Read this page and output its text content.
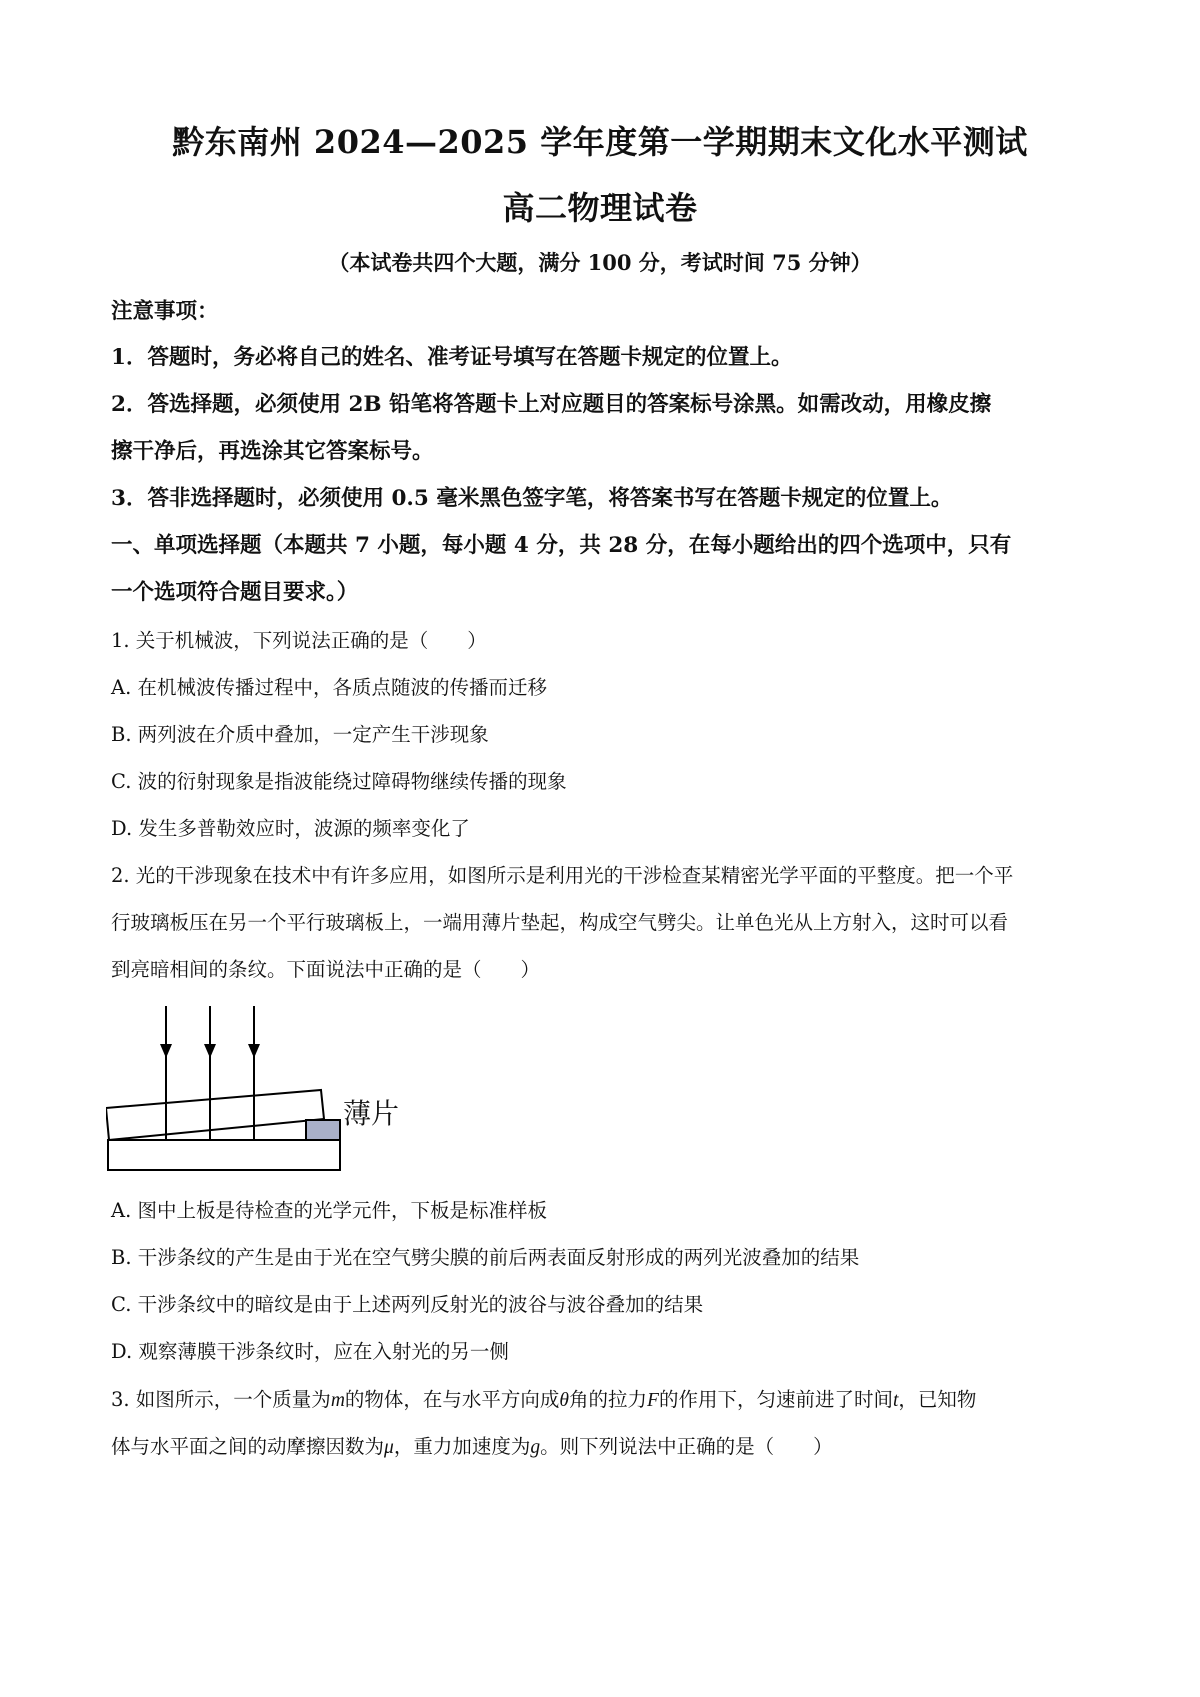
黔东南州 2024—2025 学年度第一学期期末文化水平测试
高二物理试卷
（本试卷共四个大题，满分 100 分，考试时间 75 分钟）
注意事项：
1．答题时，务必将自己的姓名、准考证号填写在答题卡规定的位置上。
2．答选择题，必须使用 2B 铅笔将答题卡上对应题目的答案标号涂黑。如需改动，用橡皮擦
擦干净后，再选涂其它答案标号。
3．答非选择题时，必须使用 0.5 毫米黑色签字笔，将答案书写在答题卡规定的位置上。
一、单项选择题（本题共 7 小题，每小题 4 分，共 28 分，在每小题给出的四个选项中，只有
一个选项符合题目要求。）
1. 关于机械波，下列说法正确的是（　　）
A. 在机械波传播过程中，各质点随波的传播而迁移
B. 两列波在介质中叠加，一定产生干涉现象
C. 波的衍射现象是指波能绕过障碍物继续传播的现象
D. 发生多普勒效应时，波源的频率变化了
2. 光的干涉现象在技术中有许多应用，如图所示是利用光的干涉检查某精密光学平面的平整度。把一个平
行玻璃板压在另一个平行玻璃板上，一端用薄片垫起，构成空气劈尖。让单色光从上方射入，这时可以看
到亮暗相间的条纹。下面说法中正确的是（　　）
薄片
A. 图中上板是待检查的光学元件，下板是标准样板
B. 干涉条纹的产生是由于光在空气劈尖膜的前后两表面反射形成的两列光波叠加的结果
C. 干涉条纹中的暗纹是由于上述两列反射光的波谷与波谷叠加的结果
D. 观察薄膜干涉条纹时，应在入射光的另一侧
3. 如图所示，一个质量为m的物体，在与水平方向成θ角的拉力F的作用下，匀速前进了时间t，已知物
体与水平面之间的动摩擦因数为μ，重力加速度为g。则下列说法中正确的是（　　）
